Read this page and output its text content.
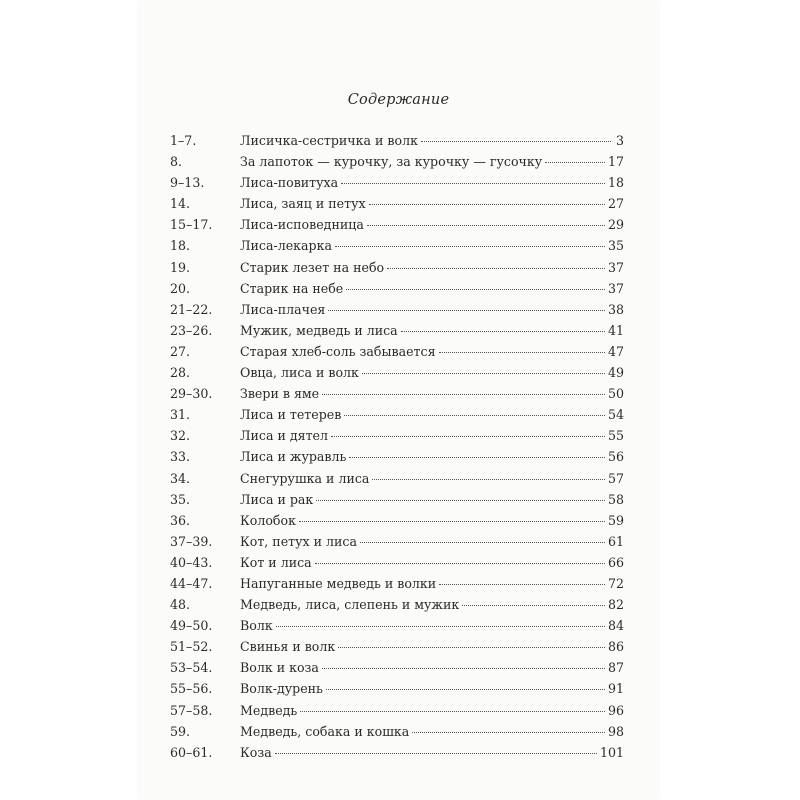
Содержание
1–7.	Лисичка-сестричка и волк	3
8.	За лапоток — курочку, за курочку — гусочку	17
9–13.	Лиса-повитуха	18
14.	Лиса, заяц и петух	27
15–17.	Лиса-исповедница	29
18.	Лиса-лекарка	35
19.	Старик лезет на небо	37
20.	Старик на небе	37
21–22.	Лиса-плачея	38
23–26.	Мужик, медведь и лиса	41
27.	Старая хлеб-соль забывается	47
28.	Овца, лиса и волк	49
29–30.	Звери в яме	50
31.	Лиса и тетерев	54
32.	Лиса и дятел	55
33.	Лиса и журавль	56
34.	Снегурушка и лиса	57
35.	Лиса и рак	58
36.	Колобок	59
37–39.	Кот, петух и лиса	61
40–43.	Кот и лиса	66
44–47.	Напуганные медведь и волки	72
48.	Медведь, лиса, слепень и мужик	82
49–50.	Волк	84
51–52.	Свинья и волк	86
53–54.	Волк и коза	87
55–56.	Волк-дурень	91
57–58.	Медведь	96
59.	Медведь, собака и кошка	98
60–61.	Коза	101
